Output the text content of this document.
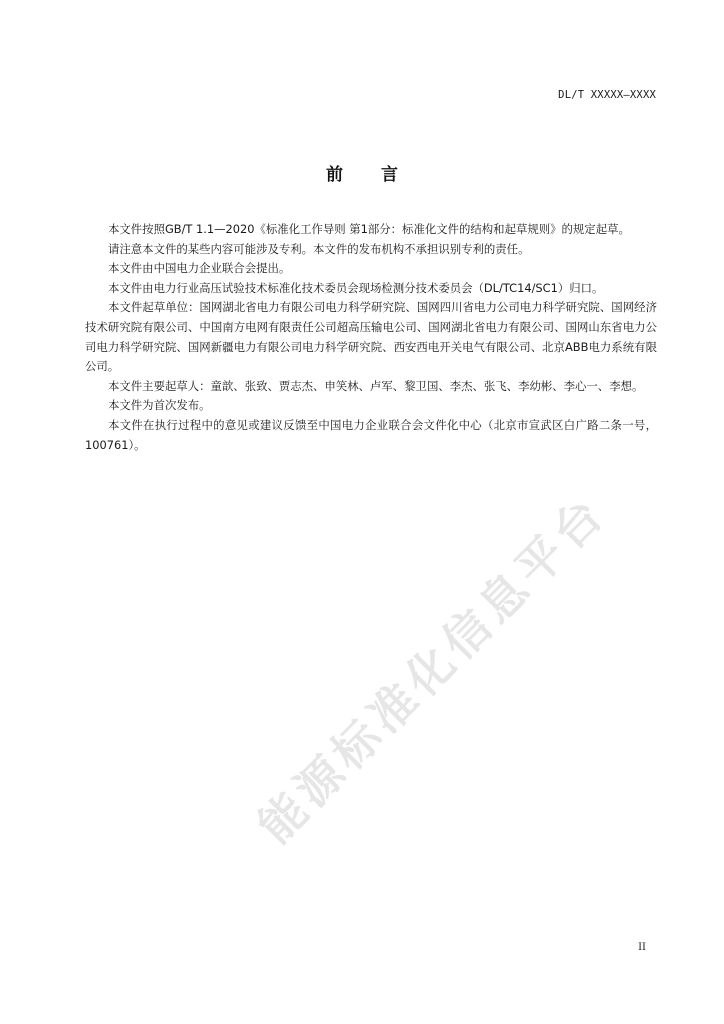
DL/T XXXXX—XXXX
前 言

本文件按照GB/T 1.1—2020《标准化工作导则 第1部分：标准化文件的结构和起草规则》的规定起草。

请注意本文件的某些内容可能涉及专利。本文件的发布机构不承担识别专利的责任。

本文件由中国电力企业联合会提出。

本文件由电力行业高压试验技术标准化技术委员会现场检测分技术委员会（DL/TC14/SC1）归口。

本文件起草单位：国网湖北省电力有限公司电力科学研究院、国网四川省电力公司电力科学研究院、国网经济技术研究院有限公司、中国南方电网有限责任公司超高压输电公司、国网湖北省电力有限公司、国网山东省电力公司电力科学研究院、国网新疆电力有限公司电力科学研究院、西安西电开关电气有限公司、北京ABB电力系统有限公司。

本文件主要起草人：童歆、张致、贾志杰、申笑林、卢军、黎卫国、李杰、张飞、李幼彬、李心一、李想。

本文件为首次发布。

本文件在执行过程中的意见或建议反馈至中国电力企业联合会文件化中心（北京市宣武区白广路二条一号，100761）。

能源标准化信息平台
II
